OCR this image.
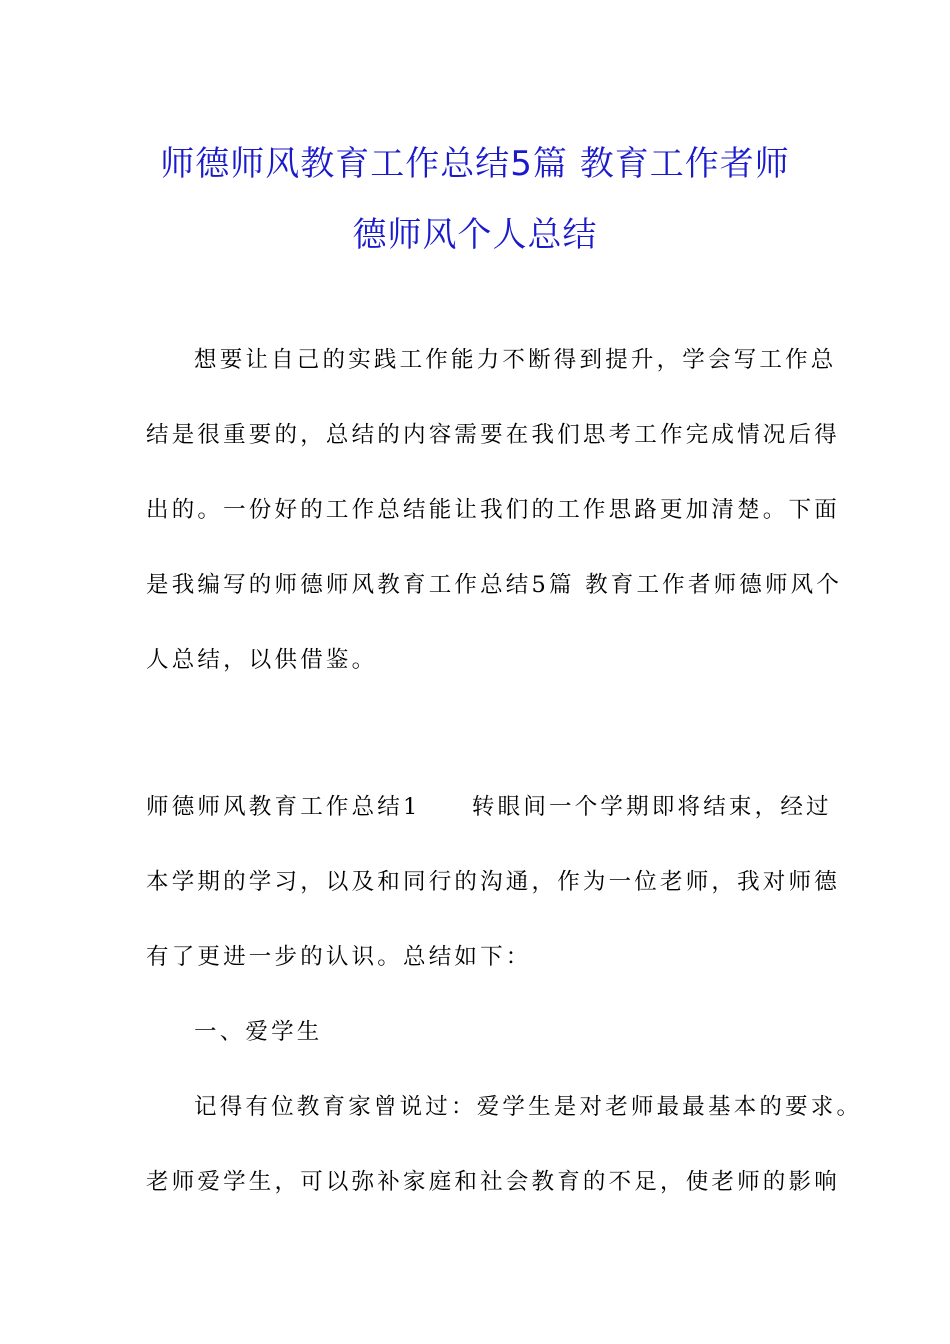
师德师风教育工作总结5篇 教育工作者师
德师风个人总结
想要让自己的实践工作能力不断得到提升，学会写工作总
结是很重要的，总结的内容需要在我们思考工作完成情况后得
出的。一份好的工作总结能让我们的工作思路更加清楚。下面
是我编写的师德师风教育工作总结5篇 教育工作者师德师风个
人总结，以供借鉴。
师德师风教育工作总结1　　转眼间一个学期即将结束，经过
本学期的学习，以及和同行的沟通，作为一位老师，我对师德
有了更进一步的认识。总结如下：
一、爱学生
记得有位教育家曾说过：爱学生是对老师最最基本的要求。
老师爱学生，可以弥补家庭和社会教育的不足，使老师的影响
